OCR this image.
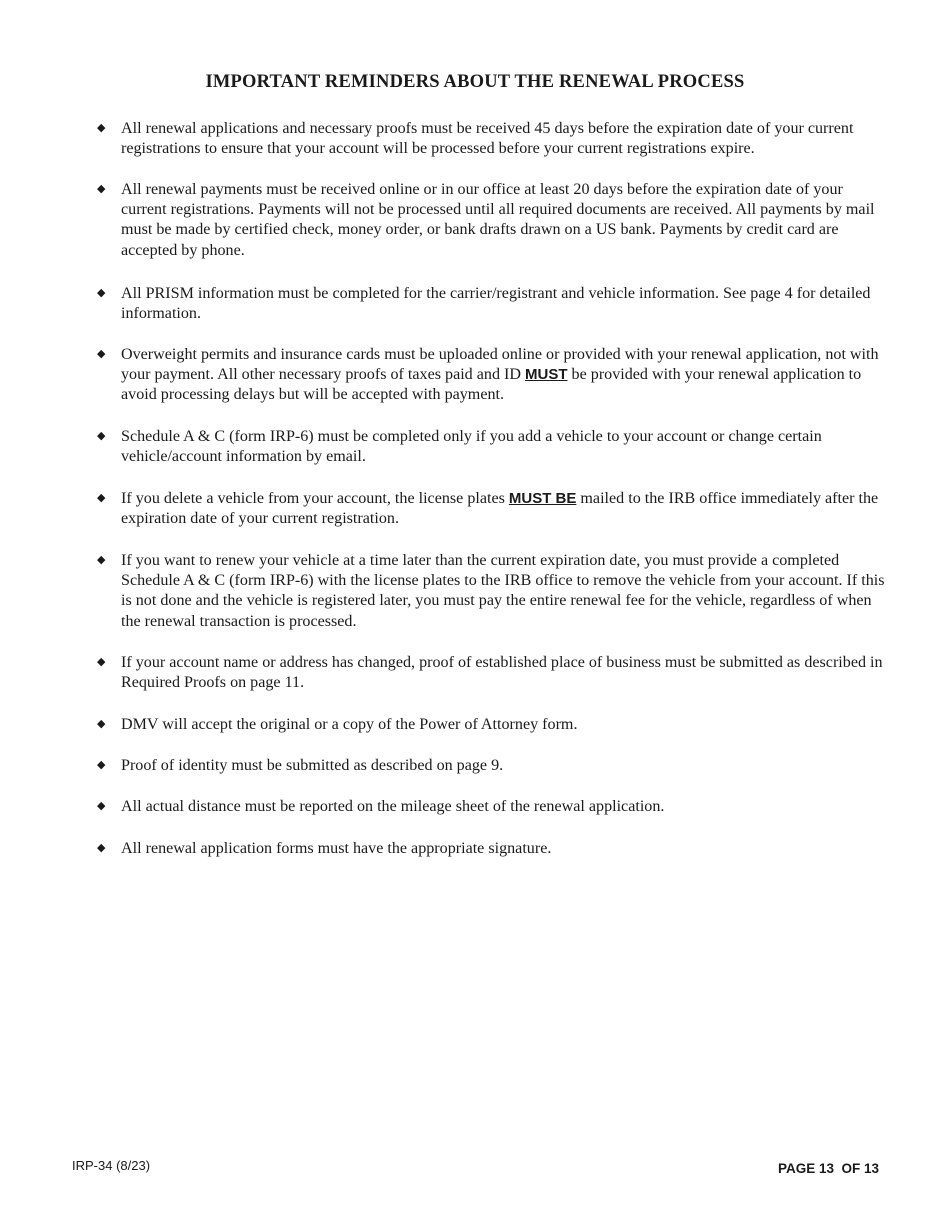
IMPORTANT REMINDERS ABOUT THE RENEWAL PROCESS
◆ All renewal applications and necessary proofs must be received 45 days before the expiration date of your current registrations to ensure that your account will be processed before your current registrations expire.
◆ All renewal payments must be received online or in our office at least 20 days before the expiration date of your current registrations. Payments will not be processed until all required documents are received. All payments by mail must be made by certified check, money order, or bank drafts drawn on a US bank. Payments by credit card are accepted by phone.
◆ All PRISM information must be completed for the carrier/registrant and vehicle information. See page 4 for detailed information.
◆ Overweight permits and insurance cards must be uploaded online or provided with your renewal application, not with your payment. All other necessary proofs of taxes paid and ID MUST be provided with your renewal application to avoid processing delays but will be accepted with payment.
◆ Schedule A & C (form IRP-6) must be completed only if you add a vehicle to your account or change certain vehicle/account information by email.
◆ If you delete a vehicle from your account, the license plates MUST BE mailed to the IRB office immediately after the expiration date of your current registration.
◆ If you want to renew your vehicle at a time later than the current expiration date, you must provide a completed Schedule A & C (form IRP-6) with the license plates to the IRB office to remove the vehicle from your account. If this is not done and the vehicle is registered later, you must pay the entire renewal fee for the vehicle, regardless of when the renewal transaction is processed.
◆ If your account name or address has changed, proof of established place of business must be submitted as described in Required Proofs on page 11.
◆ DMV will accept the original or a copy of the Power of Attorney form.
◆ Proof of identity must be submitted as described on page 9.
◆ All actual distance must be reported on the mileage sheet of the renewal application.
◆ All renewal application forms must have the appropriate signature.
IRP-34 (8/23)	PAGE 13  OF 13
